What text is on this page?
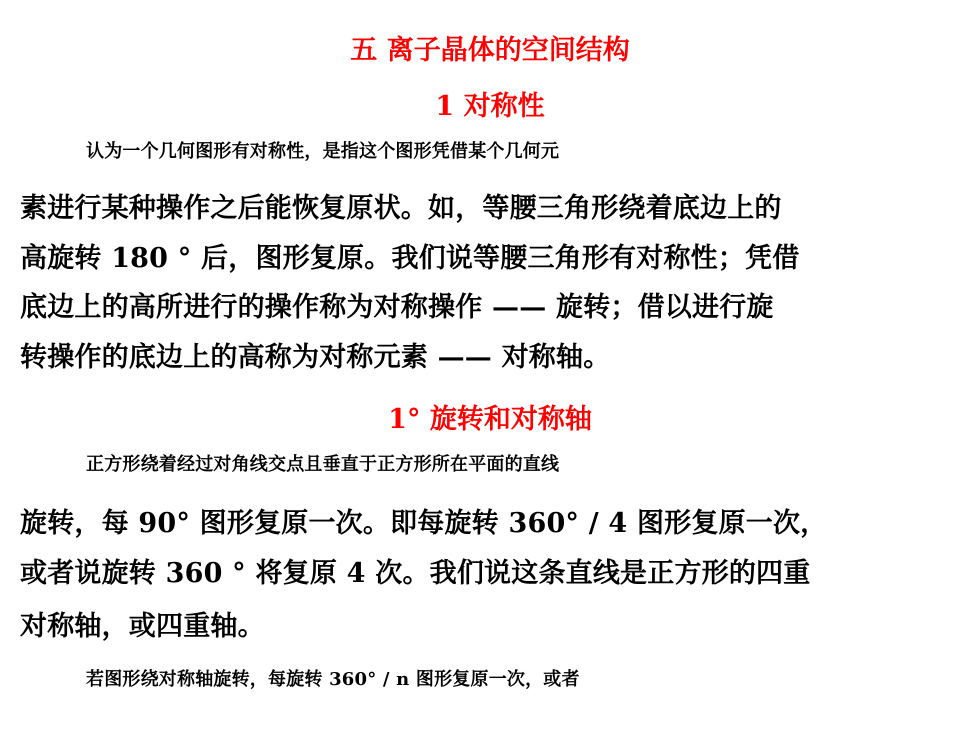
五 离子晶体的空间结构
1 对称性
认为一个几何图形有对称性，是指这个图形凭借某个几何元
素进行某种操作之后能恢复原状。如，等腰三角形绕着底边上的
高旋转 180 ° 后，图形复原。我们说等腰三角形有对称性；凭借
底边上的高所进行的操作称为对称操作 —— 旋转；借以进行旋
转操作的底边上的高称为对称元素 —— 对称轴。
1° 旋转和对称轴
正方形绕着经过对角线交点且垂直于正方形所在平面的直线
旋转，每 90° 图形复原一次。即每旋转 360° / 4 图形复原一次，
或者说旋转 360 ° 将复原 4 次。我们说这条直线是正方形的四重
对称轴，或四重轴。
若图形绕对称轴旋转，每旋转 360° / n 图形复原一次，或者
